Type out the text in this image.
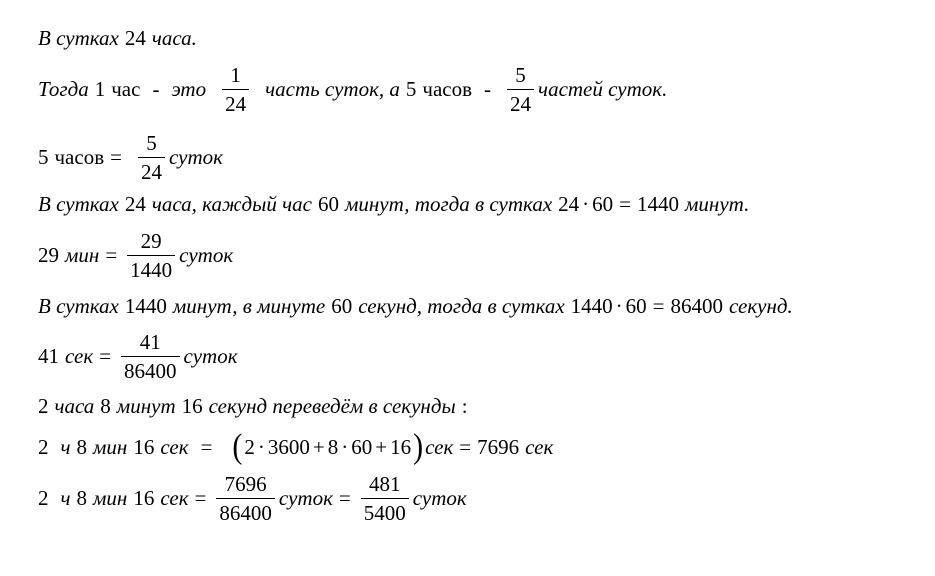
В сутках 24 часа.
Тогда 1 час - это $\frac{1}{24}$ часть суток, а 5 часов - $\frac{5}{24}$ частей суток.
5 часов = $\frac{5}{24}$ суток
В сутках 24 часа, каждый час 60 минут, тогда в сутках 24 · 60 = 1440 минут.
29 мин = $\frac{29}{1440}$ суток
В сутках 1440 минут, в минуте 60 секунд, тогда в сутках 1440 · 60 = 86400 секунд.
41 сек = $\frac{41}{86400}$ суток
2 часа 8 минут 16 секунд переведём в секунды :
2 ч 8 мин 16 сек = ( 2 · 3600 + 8 · 60 + 16 ) сек = 7696 сек
2 ч 8 мин 16 сек = $\frac{7696}{86400}$ суток = $\frac{481}{5400}$ суток
